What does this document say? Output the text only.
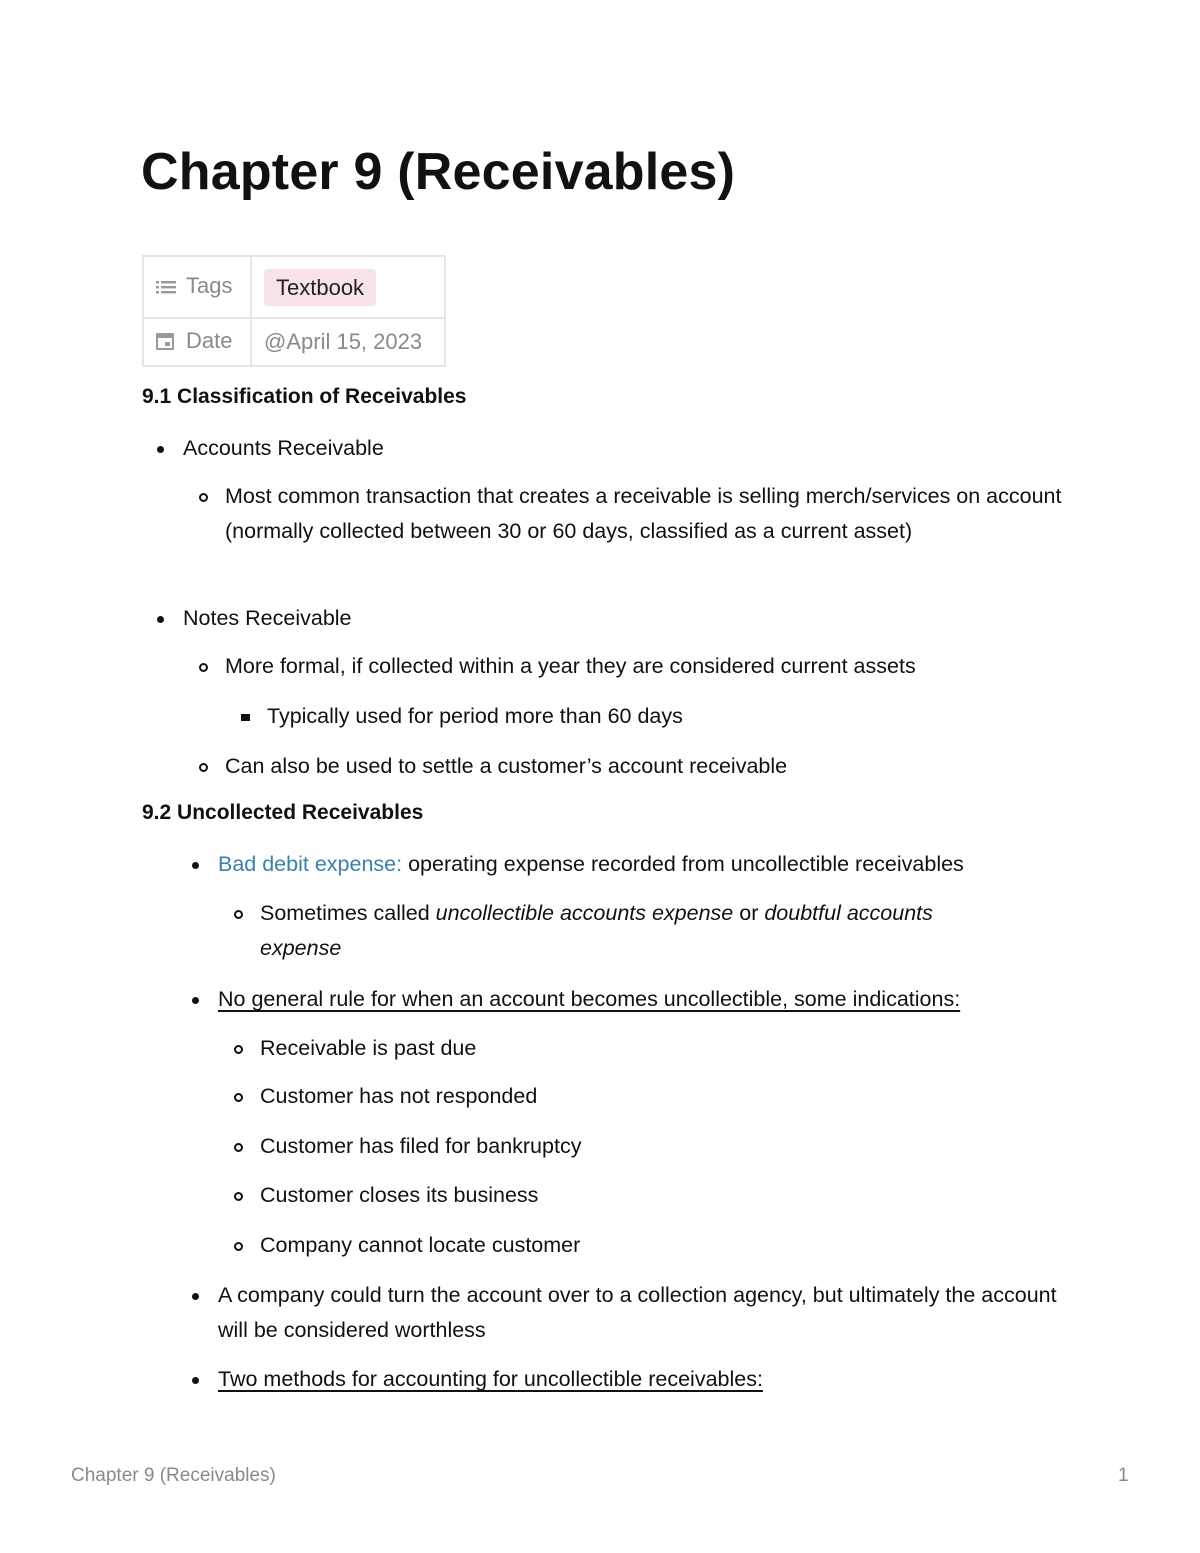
Chapter 9 (Receivables)
Tags	Textbook
Date	@April 15, 2023
9.1 Classification of Receivables
Accounts Receivable
Most common transaction that creates a receivable is selling merch/services on account (normally collected between 30 or 60 days, classified as a current asset)
Notes Receivable
More formal, if collected within a year they are considered current assets
Typically used for period more than 60 days
Can also be used to settle a customer’s account receivable
9.2 Uncollected Receivables
Bad debit expense: operating expense recorded from uncollectible receivables
Sometimes called uncollectible accounts expense or doubtful accounts expense
No general rule for when an account becomes uncollectible, some indications:
Receivable is past due
Customer has not responded
Customer has filed for bankruptcy
Customer closes its business
Company cannot locate customer
A company could turn the account over to a collection agency, but ultimately the account will be considered worthless
Two methods for accounting for uncollectible receivables:
Chapter 9 (Receivables)	1
